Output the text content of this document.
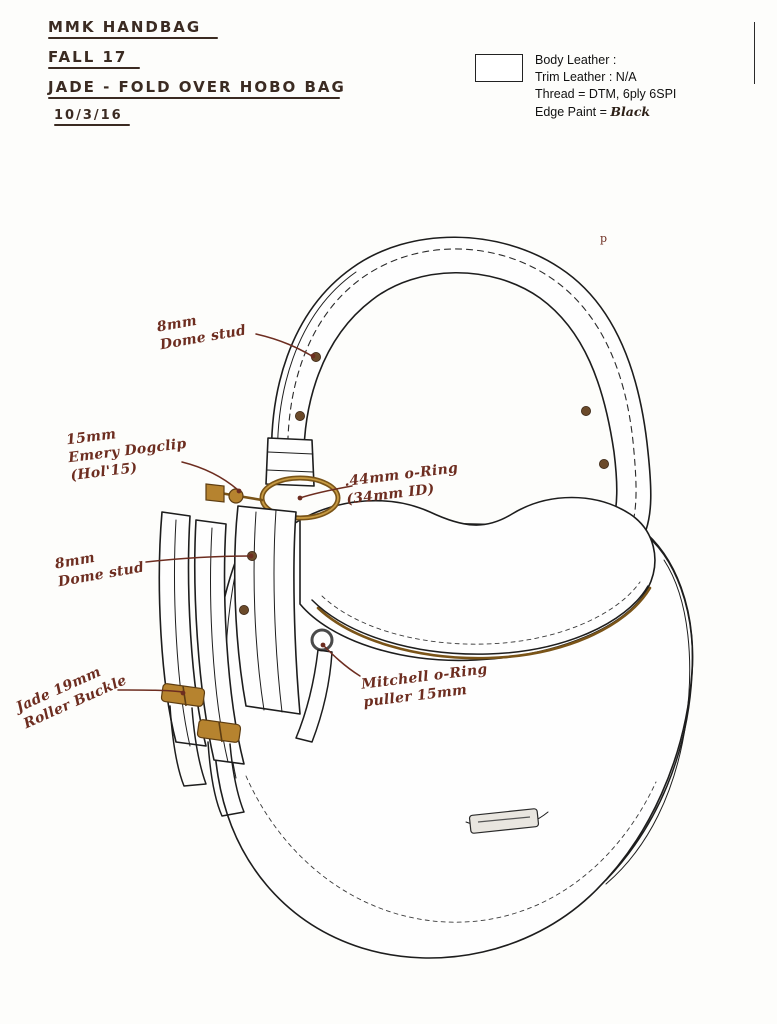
MMK HANDBAG
FALL 17
JADE - FOLD OVER HOBO BAG
10/3/16
Body Leather :
Trim Leather : N/A
Thread = DTM, 6ply 6SPI
Edge Paint = Black
p
8mm
Dome stud
15mm
Emery Dogclip
(Hol'15)	.44mm o-Ring
(34mm ID)
8mm
Dome stud
Jade 19mm
Roller Buckle	Mitchell o-Ring
puller 15mm
